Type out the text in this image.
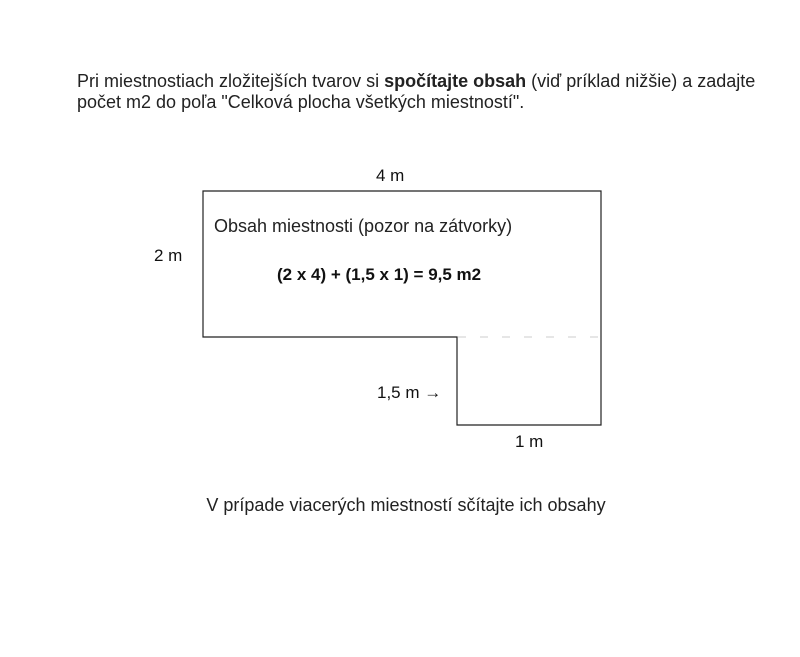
Pri miestnostiach zložitejších tvarov si spočítajte obsah (viď príklad nižšie) a zadajte počet m2 do poľa "Celková plocha všetkých miestností".

4 m
2 m
1,5 m →
1 m
Obsah miestnosti (pozor na zátvorky)
(2 x 4) + (1,5 x 1) = 9,5 m2
V prípade viacerých miestností sčítajte ich obsahy
